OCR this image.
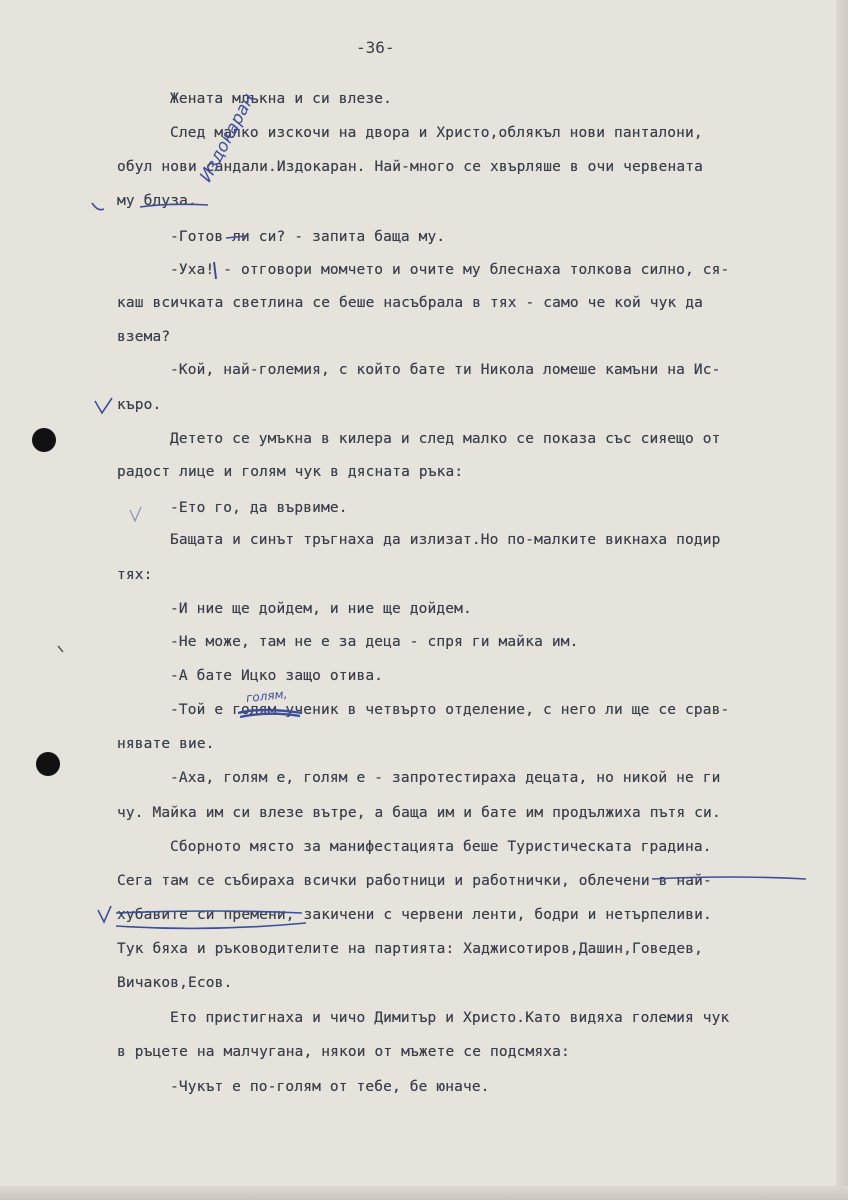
-36-
Жената млъкна и си влезе.
След малко изскочи на двора и Христо,облякъл нови панталони,
обул нови сандали.Издокаран. Най-много се хвърляше в очи червената
му блуза.
-Готов ли си? - запита баща му.
-Уха! - отговори момчето и очите му блеснаха толкова силно, ся-
каш всичката светлина се беше насъбрала в тях - само че кой чук да
взема?
-Кой, най-големия, с който бате ти Никола ломеше камъни на Ис-
къро.
Детето се умъкна в килера и след малко се показа със сияещо от
радост лице и голям чук в дясната ръка:
-Ето го, да вървиме.
Бащата и синът тръгнаха да излизат.Но по-малките викнаха подир
тях:
-И ние ще дойдем, и ние ще дойдем.
-Не може, там не е за деца - спря ги майка им.
-А бате Ицко защо отива.
-Той е голям ученик в четвърто отделение, с него ли ще се срав-
нявате вие.
-Аха, голям е, голям е - запротестираха децата, но никой не ги
чу. Майка им си влезе вътре, а баща им и бате им продължиха пътя си.
Сборното място за манифестацията беше Туристическата градина.
Сега там се събираха всички работници и работнички, облечени в най-
хубавите си премени, закичени с червени ленти, бодри и нетърпеливи.
Тук бяха и ръководителите на партията: Хаджисотиров,Дашин,Говедев,
Вичаков,Есов.
Ето пристигнаха и чичо Димитър и Христо.Като видяха големия чук
в ръцете на малчугана, някои от мъжете се подсмяха:
-Чукът е по-голям от тебе, бе юначе.
Издокаран
голям,
